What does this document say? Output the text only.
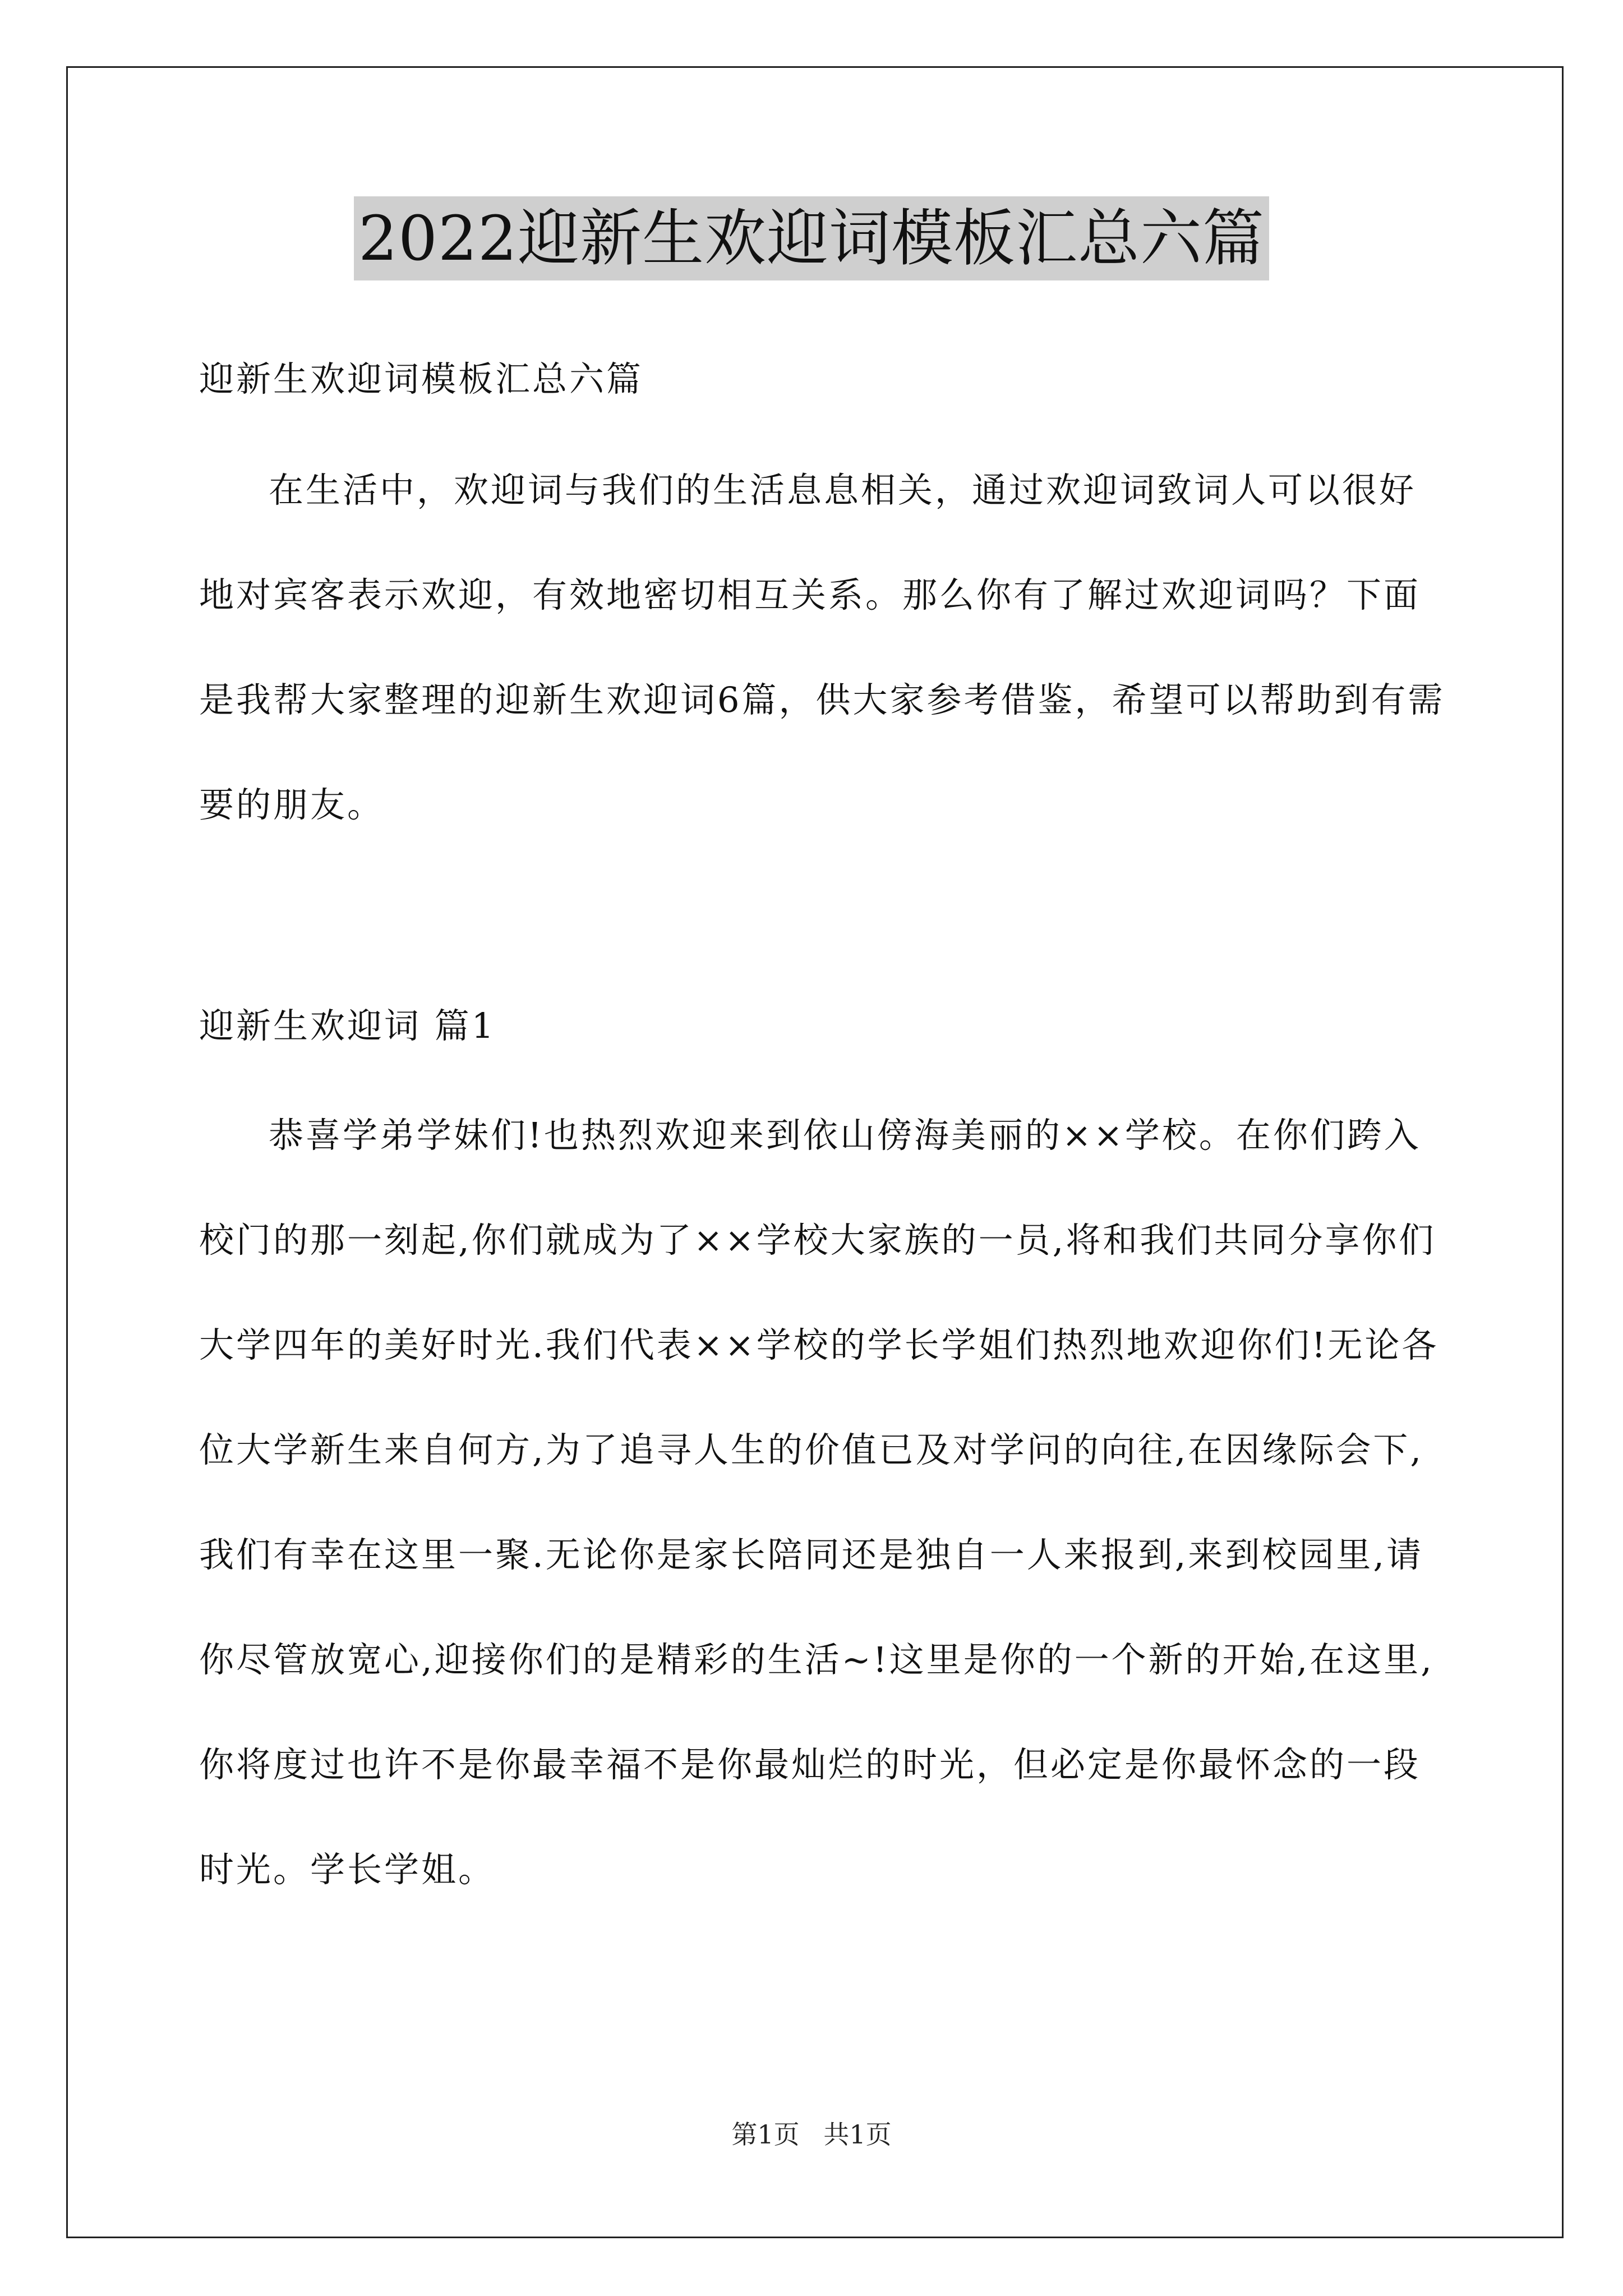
2022迎新生欢迎词模板汇总六篇
迎新生欢迎词模板汇总六篇
在生活中，欢迎词与我们的生活息息相关，通过欢迎词致词人可以很好地对宾客表示欢迎，有效地密切相互关系。那么你有了解过欢迎词吗？下面是我帮大家整理的迎新生欢迎词6篇，供大家参考借鉴，希望可以帮助到有需要的朋友。
迎新生欢迎词 篇1
恭喜学弟学妹们!也热烈欢迎来到依山傍海美丽的××学校。在你们跨入校门的那一刻起,你们就成为了××学校大家族的一员,将和我们共同分享你们大学四年的美好时光.我们代表××学校的学长学姐们热烈地欢迎你们!无论各位大学新生来自何方,为了追寻人生的价值已及对学问的向往,在因缘际会下,我们有幸在这里一聚.无论你是家长陪同还是独自一人来报到,来到校园里,请你尽管放宽心,迎接你们的是精彩的生活~!这里是你的一个新的开始,在这里,你将度过也许不是你最幸福不是你最灿烂的时光，但必定是你最怀念的一段时光。学长学姐。
第1页 共1页
